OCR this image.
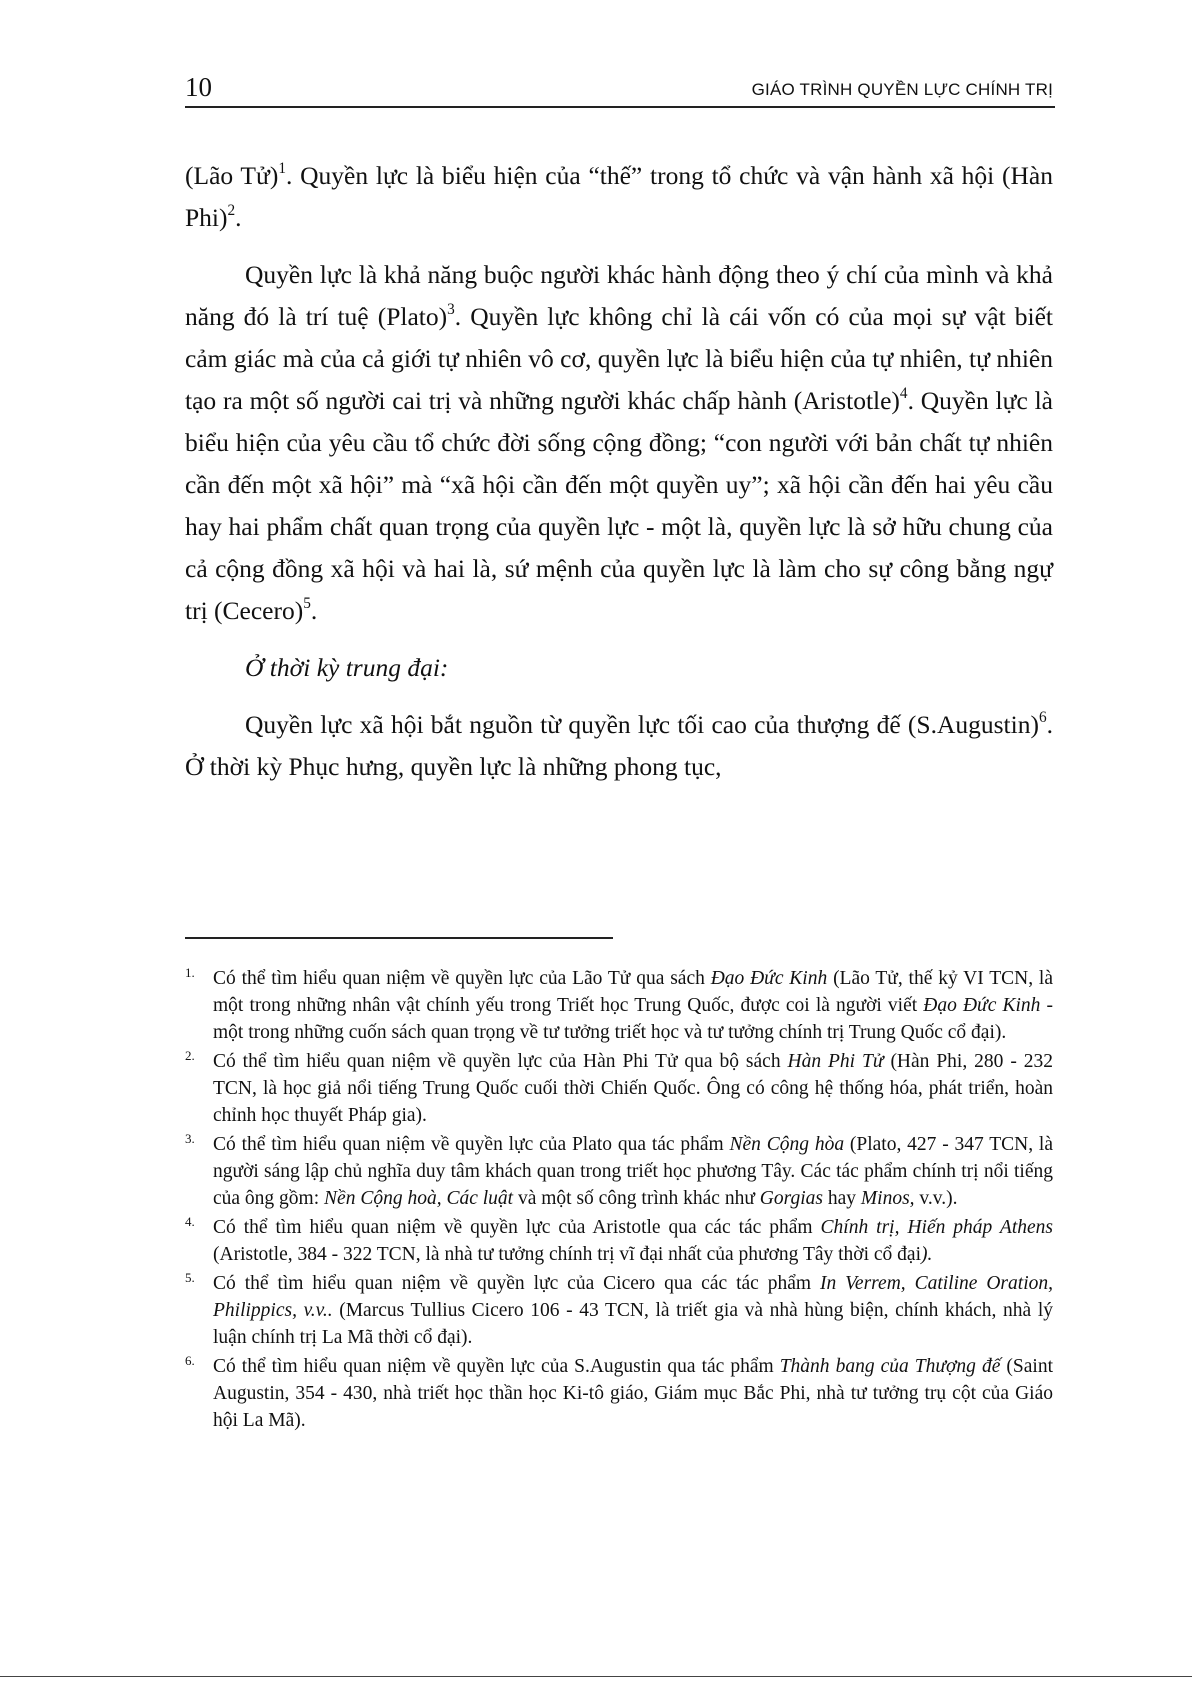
10	GIÁO TRÌNH QUYỀN LỰC CHÍNH TRỊ

(Lão Tử)$^1$. Quyền lực là biểu hiện của “thế” trong tổ chức và vận hành xã hội (Hàn Phi)$^2$.

Quyền lực là khả năng buộc người khác hành động theo ý chí của mình và khả năng đó là trí tuệ (Plato)$^3$. Quyền lực không chỉ là cái vốn có của mọi sự vật biết cảm giác mà của cả giới tự nhiên vô cơ, quyền lực là biểu hiện của tự nhiên, tự nhiên tạo ra một số người cai trị và những người khác chấp hành (Aristotle)$^4$. Quyền lực là biểu hiện của yêu cầu tổ chức đời sống cộng đồng; “con người với bản chất tự nhiên cần đến một xã hội” mà “xã hội cần đến một quyền uy”; xã hội cần đến hai yêu cầu hay hai phẩm chất quan trọng của quyền lực - một là, quyền lực là sở hữu chung của cả cộng đồng xã hội và hai là, sứ mệnh của quyền lực là làm cho sự công bằng ngự trị (Cecero)$^5$.

Ở thời kỳ trung đại:

Quyền lực xã hội bắt nguồn từ quyền lực tối cao của thượng đế (S.Augustin)$^6$. Ở thời kỳ Phục hưng, quyền lực là những phong tục,

1. Có thể tìm hiểu quan niệm về quyền lực của Lão Tử qua sách Đạo Đức Kinh (Lão Tử, thế kỷ VI TCN, là một trong những nhân vật chính yếu trong Triết học Trung Quốc, được coi là người viết Đạo Đức Kinh - một trong những cuốn sách quan trọng về tư tưởng triết học và tư tưởng chính trị Trung Quốc cổ đại).

2. Có thể tìm hiểu quan niệm về quyền lực của Hàn Phi Tử qua bộ sách Hàn Phi Tử (Hàn Phi, 280 - 232 TCN, là học giả nổi tiếng Trung Quốc cuối thời Chiến Quốc. Ông có công hệ thống hóa, phát triển, hoàn chỉnh học thuyết Pháp gia).

3. Có thể tìm hiểu quan niệm về quyền lực của Plato qua tác phẩm Nền Cộng hòa (Plato, 427 - 347 TCN, là người sáng lập chủ nghĩa duy tâm khách quan trong triết học phương Tây. Các tác phẩm chính trị nổi tiếng của ông gồm: Nền Cộng hoà, Các luật và một số công trình khác như Gorgias hay Minos, v.v.).

4. Có thể tìm hiểu quan niệm về quyền lực của Aristotle qua các tác phẩm Chính trị, Hiến pháp Athens (Aristotle, 384 - 322 TCN, là nhà tư tưởng chính trị vĩ đại nhất của phương Tây thời cổ đại).

5. Có thể tìm hiểu quan niệm về quyền lực của Cicero qua các tác phẩm In Verrem, Catiline Oration, Philippics, v.v.. (Marcus Tullius Cicero 106 - 43 TCN, là triết gia và nhà hùng biện, chính khách, nhà lý luận chính trị La Mã thời cổ đại).

6. Có thể tìm hiểu quan niệm về quyền lực của S.Augustin qua tác phẩm Thành bang của Thượng đế (Saint Augustin, 354 - 430, nhà triết học thần học Ki-tô giáo, Giám mục Bắc Phi, nhà tư tưởng trụ cột của Giáo hội La Mã).
